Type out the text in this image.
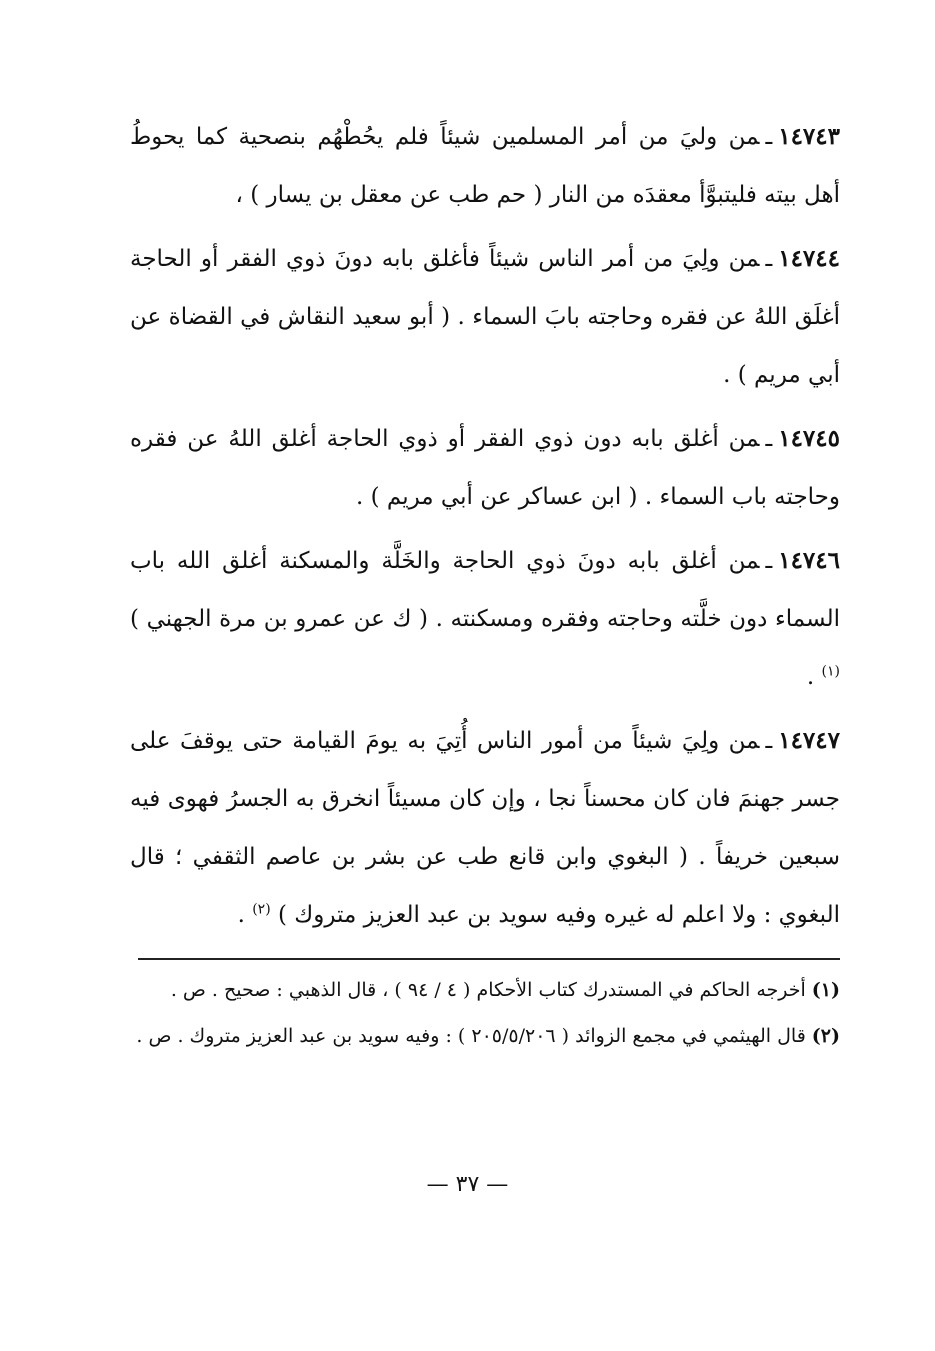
١٤٧٤٣ـمن وليَ من أمر المسلمين شيئاً فلم يحُطْهُم بنصحية كما يحوطُ أهل بيته فليتبوَّأ معقدَه من النار ( حم طب عن معقل بن يسار ) ،

١٤٧٤٤ـمن ولِيَ من أمر الناس شيئاً فأغلق بابه دونَ ذوي الفقر أو الحاجة أغلَق اللهُ عن فقره وحاجته بابَ السماء . ( أبو سعيد النقاش في القضاة عن أبي مريم ) .

١٤٧٤٥ـمن أغلق بابه دون ذوي الفقر أو ذوي الحاجة أغلق اللهُ عن فقره وحاجته باب السماء . ( ابن عساكر عن أبي مريم ) .

١٤٧٤٦ـمن أغلق بابه دونَ ذوي الحاجة والخَلَّة والمسكنة أغلق الله باب السماء دون خلَّته وحاجته وفقره ومسكنته . ( ك عن عمرو بن مرة الجهني ) $^{(١)}$ .

١٤٧٤٧ـمن ولِيَ شيئاً من أمور الناس أُتِيَ به يومَ القيامة حتى يوقفَ على جسر جهنمَ فان كان محسناً نجا ، وإن كان مسيئاً انخرق به الجسرُ فهوى فيه سبعين خريفاً . ( البغوي وابن قانع طب عن بشر بن عاصم الثقفي ؛ قال البغوي : ولا اعلم له غيره وفيه سويد بن عبد العزيز متروك ) $^{(٢)}$ .

(١)أخرجه الحاكم في المستدرك كتاب الأحكام ( ٤ / ٩٤ ) ، قال الذهبي : صحيح . ص .

(٢)قال الهيثمي في مجمع الزوائد ( ٢٠٥/٥/٢٠٦ ) : وفيه سويد بن عبد العزيز متروك . ص .

— ٣٧ —
